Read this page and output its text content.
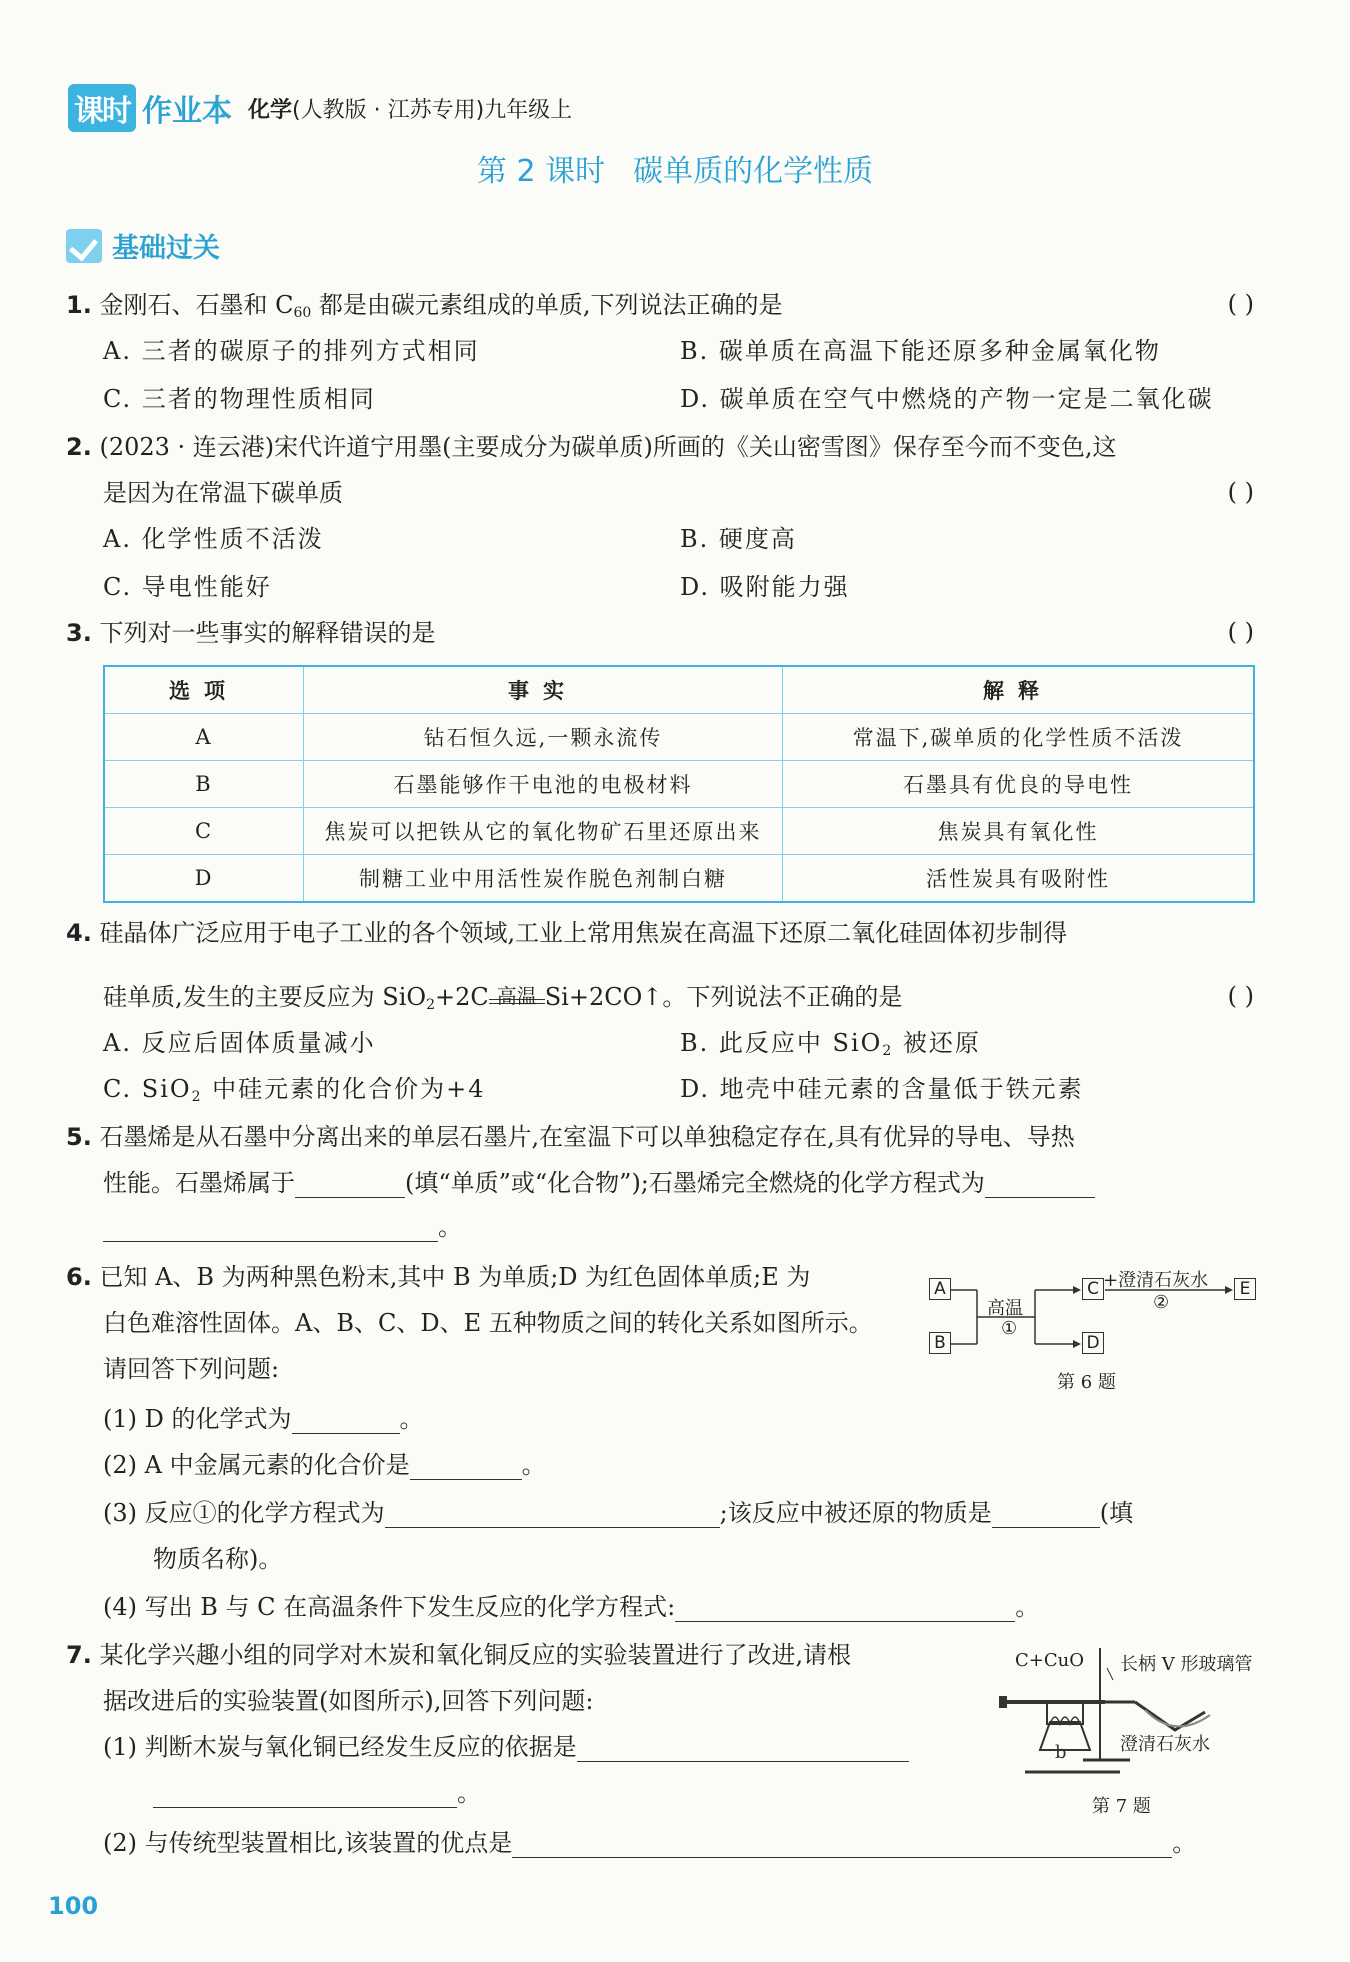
课时 作业本 化学(人教版 · 江苏专用)九年级上
第 2 课时 碳单质的化学性质
基础过关
1. 金刚石、石墨和 $C_{60}$ 都是由碳元素组成的单质,下列说法正确的是	( )
A. 三者的碳原子的排列方式相同	B. 碳单质在高温下能还原多种金属氧化物
C. 三者的物理性质相同	D. 碳单质在空气中燃烧的产物一定是二氧化碳
2. (2023 · 连云港)宋代许道宁用墨(主要成分为碳单质)所画的《关山密雪图》保存至今而不变色,这
是因为在常温下碳单质	( )
A. 化学性质不活泼	B. 硬度高
C. 导电性能好	D. 吸附能力强
3. 下列对一些事实的解释错误的是	( )
选项	事实	解释
A	钻石恒久远,一颗永流传	常温下,碳单质的化学性质不活泼
B	石墨能够作干电池的电极材料	石墨具有优良的导电性
C	焦炭可以把铁从它的氧化物矿石里还原出来	焦炭具有氧化性
D	制糖工业中用活性炭作脱色剂制白糖	活性炭具有吸附性
4. 硅晶体广泛应用于电子工业的各个领域,工业上常用焦炭在高温下还原二氧化硅固体初步制得
硅单质,发生的主要反应为 SiO$_2$+2C 高温 Si+2CO↑。下列说法不正确的是	( )
A. 反应后固体质量减小	B. 此反应中 SiO$_2$ 被还原
C. SiO$_2$ 中硅元素的化合价为+4	D. 地壳中硅元素的含量低于铁元素
5. 石墨烯是从石墨中分离出来的单层石墨片,在室温下可以单独稳定存在,具有优异的导电、导热
性能。石墨烯属于	(填“单质”或“化合物”);石墨烯完全燃烧的化学方程式为
。
6. 已知 A、B 为两种黑色粉末,其中 B 为单质;D 为红色固体单质;E 为
白色难溶性固体。A、B、C、D、E 五种物质之间的转化关系如图所示。
请回答下列问题:
A
B
高温
①
C
D
+澄清石灰水
②
E
第 6 题
(1) D 的化学式为	。
(2) A 中金属元素的化合价是	。
(3) 反应①的化学方程式为	;该反应中被还原的物质是	(填
物质名称)。
(4) 写出 B 与 C 在高温条件下发生反应的化学方程式:	。
7. 某化学兴趣小组的同学对木炭和氧化铜反应的实验装置进行了改进,请根
据改进后的实验装置(如图所示),回答下列问题:
(1) 判断木炭与氧化铜已经发生反应的依据是
。
(2) 与传统型装置相比,该装置的优点是	。
b
C+CuO 长柄 V 形玻璃管
澄清石灰水
第 7 题
100
